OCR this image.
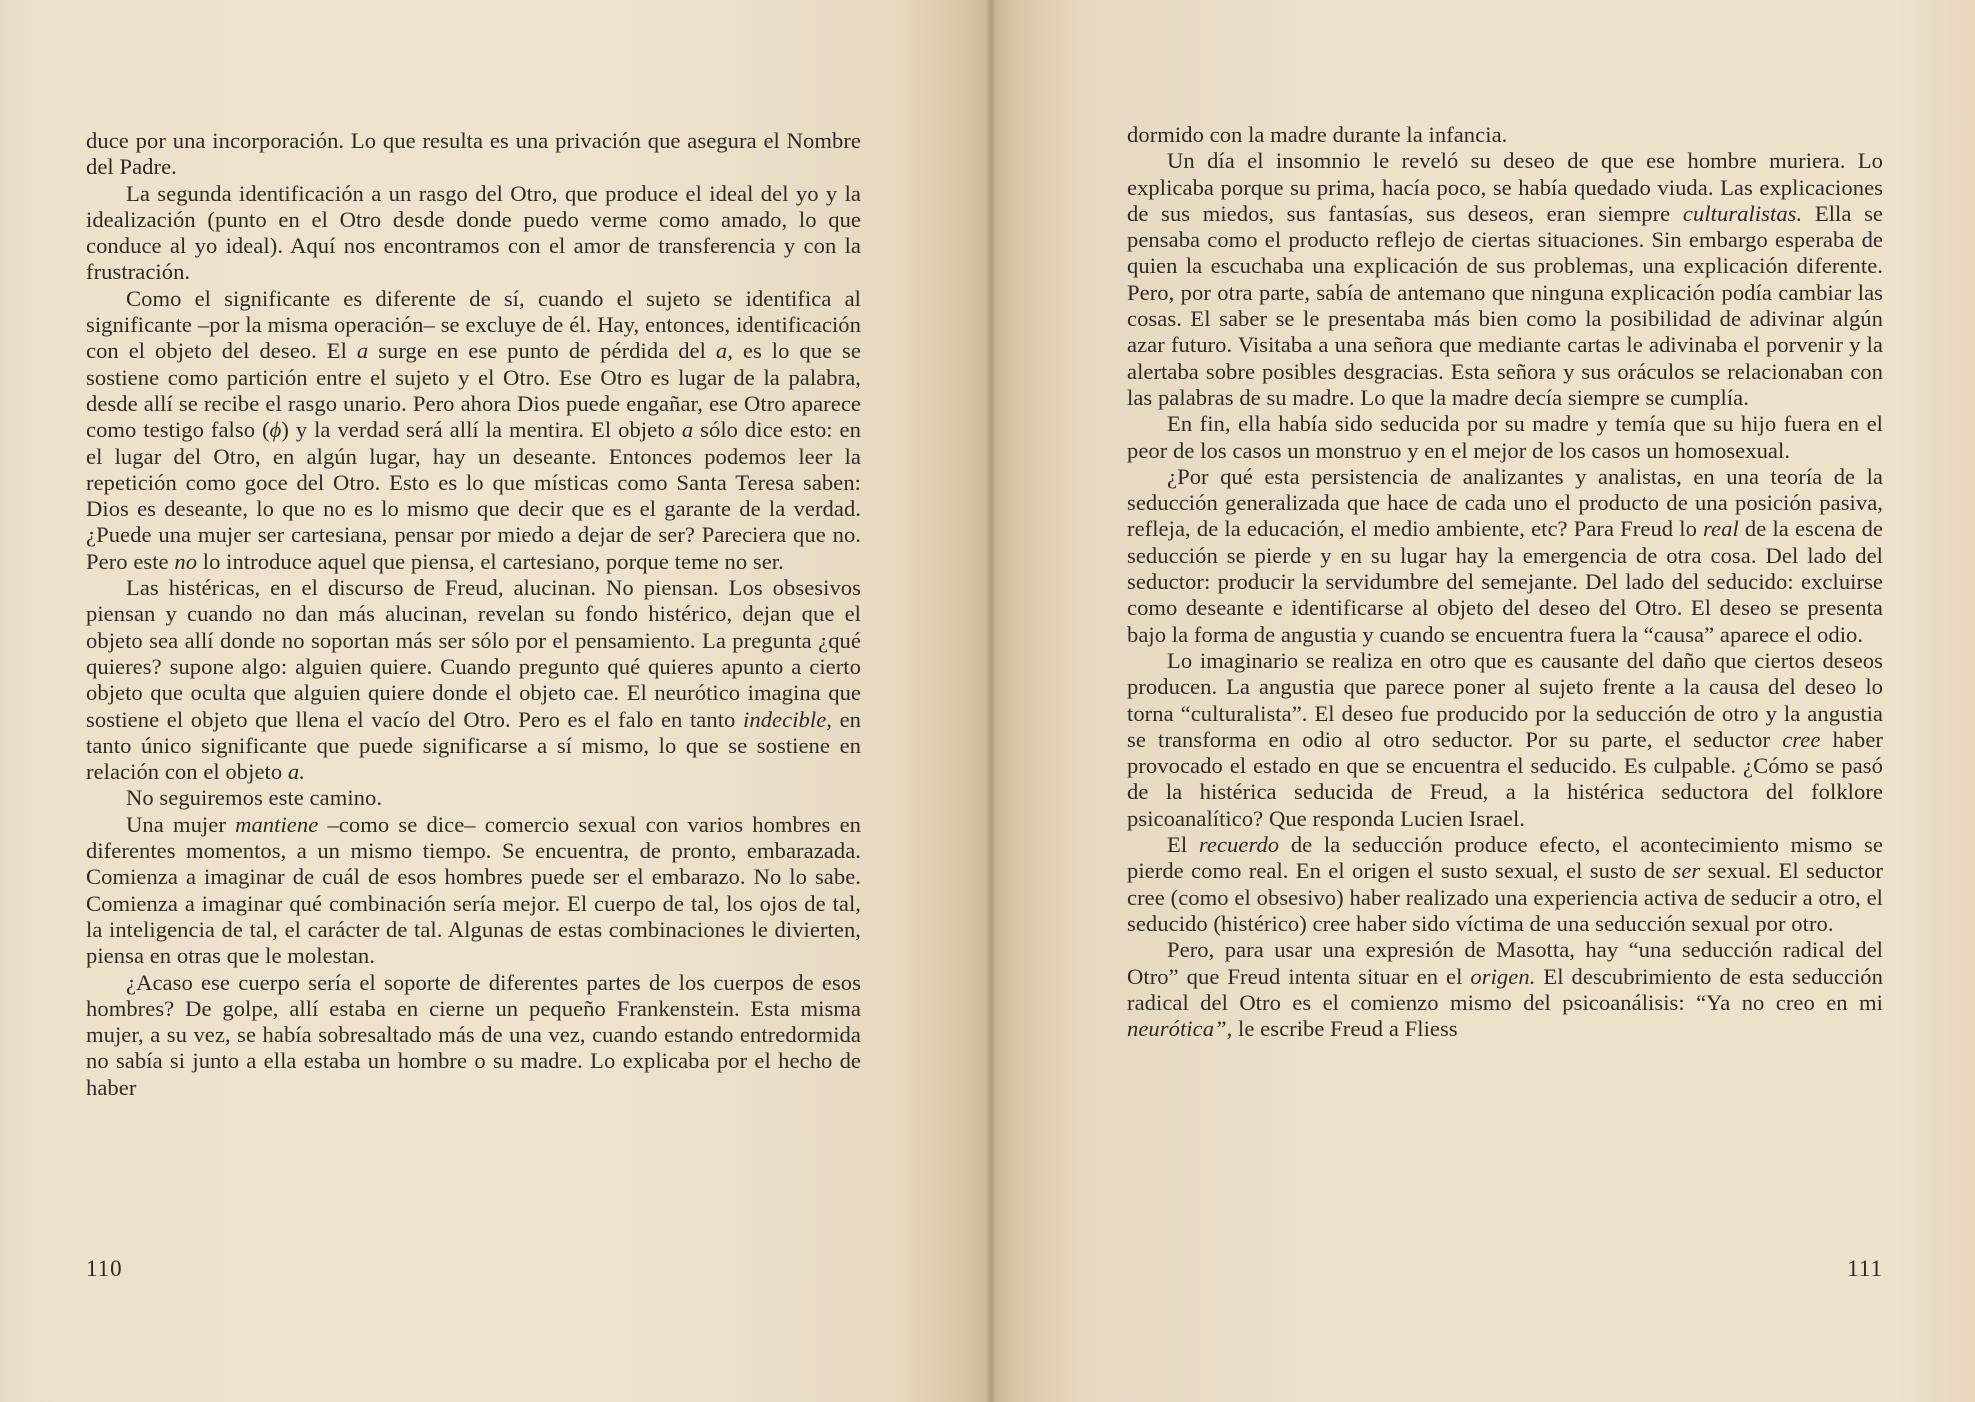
duce por una incorporación. Lo que resulta es una privación que asegura el Nombre del Padre.

La segunda identificación a un rasgo del Otro, que produce el ideal del yo y la idealización (punto en el Otro desde donde puedo verme como amado, lo que conduce al yo ideal). Aquí nos encontramos con el amor de transferencia y con la frustración.

Como el significante es diferente de sí, cuando el sujeto se identifica al significante –por la misma operación– se excluye de él. Hay, entonces, identificación con el objeto del deseo. El a surge en ese punto de pérdida del a, es lo que se sostiene como partición entre el sujeto y el Otro. Ese Otro es lugar de la palabra, desde allí se recibe el rasgo unario. Pero ahora Dios puede engañar, ese Otro aparece como testigo falso (ϕ) y la verdad será allí la mentira. El objeto a sólo dice esto: en el lugar del Otro, en algún lugar, hay un deseante. Entonces podemos leer la repetición como goce del Otro. Esto es lo que místicas como Santa Teresa saben: Dios es deseante, lo que no es lo mismo que decir que es el garante de la verdad. ¿Puede una mujer ser cartesiana, pensar por miedo a dejar de ser? Pareciera que no. Pero este no lo introduce aquel que piensa, el cartesiano, porque teme no ser.

Las histéricas, en el discurso de Freud, alucinan. No piensan. Los obsesivos piensan y cuando no dan más alucinan, revelan su fondo histérico, dejan que el objeto sea allí donde no soportan más ser sólo por el pensamiento. La pregunta ¿qué quieres? supone algo: alguien quiere. Cuando pregunto qué quieres apunto a cierto objeto que oculta que alguien quiere donde el objeto cae. El neurótico imagina que sostiene el objeto que llena el vacío del Otro. Pero es el falo en tanto indecible, en tanto único significante que puede significarse a sí mismo, lo que se sostiene en relación con el objeto a.

No seguiremos este camino.

Una mujer mantiene –como se dice– comercio sexual con varios hombres en diferentes momentos, a un mismo tiempo. Se encuentra, de pronto, embarazada. Comienza a imaginar de cuál de esos hombres puede ser el embarazo. No lo sabe. Comienza a imaginar qué combinación sería mejor. El cuerpo de tal, los ojos de tal, la inteligencia de tal, el carácter de tal. Algunas de estas combinaciones le divierten, piensa en otras que le molestan.

¿Acaso ese cuerpo sería el soporte de diferentes partes de los cuerpos de esos hombres? De golpe, allí estaba en cierne un pequeño Frankenstein. Esta misma mujer, a su vez, se había sobresaltado más de una vez, cuando estando entredormida no sabía si junto a ella estaba un hombre o su madre. Lo explicaba por el hecho de haber

110

dormido con la madre durante la infancia.

Un día el insomnio le reveló su deseo de que ese hombre muriera. Lo explicaba porque su prima, hacía poco, se había quedado viuda. Las explicaciones de sus miedos, sus fantasías, sus deseos, eran siempre culturalistas. Ella se pensaba como el producto reflejo de ciertas situaciones. Sin embargo esperaba de quien la escuchaba una explicación de sus problemas, una explicación diferente. Pero, por otra parte, sabía de antemano que ninguna explicación podía cambiar las cosas. El saber se le presentaba más bien como la posibilidad de adivinar algún azar futuro. Visitaba a una señora que mediante cartas le adivinaba el porvenir y la alertaba sobre posibles desgracias. Esta señora y sus oráculos se relacionaban con las palabras de su madre. Lo que la madre decía siempre se cumplía.

En fin, ella había sido seducida por su madre y temía que su hijo fuera en el peor de los casos un monstruo y en el mejor de los casos un homosexual.

¿Por qué esta persistencia de analizantes y analistas, en una teoría de la seducción generalizada que hace de cada uno el producto de una posición pasiva, refleja, de la educación, el medio ambiente, etc? Para Freud lo real de la escena de seducción se pierde y en su lugar hay la emergencia de otra cosa. Del lado del seductor: producir la servidumbre del semejante. Del lado del seducido: excluirse como deseante e identificarse al objeto del deseo del Otro. El deseo se presenta bajo la forma de angustia y cuando se encuentra fuera la “causa” aparece el odio.

Lo imaginario se realiza en otro que es causante del daño que ciertos deseos producen. La angustia que parece poner al sujeto frente a la causa del deseo lo torna “culturalista”. El deseo fue producido por la seducción de otro y la angustia se transforma en odio al otro seductor. Por su parte, el seductor cree haber provocado el estado en que se encuentra el seducido. Es culpable. ¿Cómo se pasó de la histérica seducida de Freud, a la histérica seductora del folklore psicoanalítico? Que responda Lucien Israel.

El recuerdo de la seducción produce efecto, el acontecimiento mismo se pierde como real. En el origen el susto sexual, el susto de ser sexual. El seductor cree (como el obsesivo) haber realizado una experiencia activa de seducir a otro, el seducido (histérico) cree haber sido víctima de una seducción sexual por otro.

Pero, para usar una expresión de Masotta, hay “una seducción radical del Otro” que Freud intenta situar en el origen. El descubrimiento de esta seducción radical del Otro es el comienzo mismo del psicoanálisis: “Ya no creo en mi neurótica”, le escribe Freud a Fliess

111
